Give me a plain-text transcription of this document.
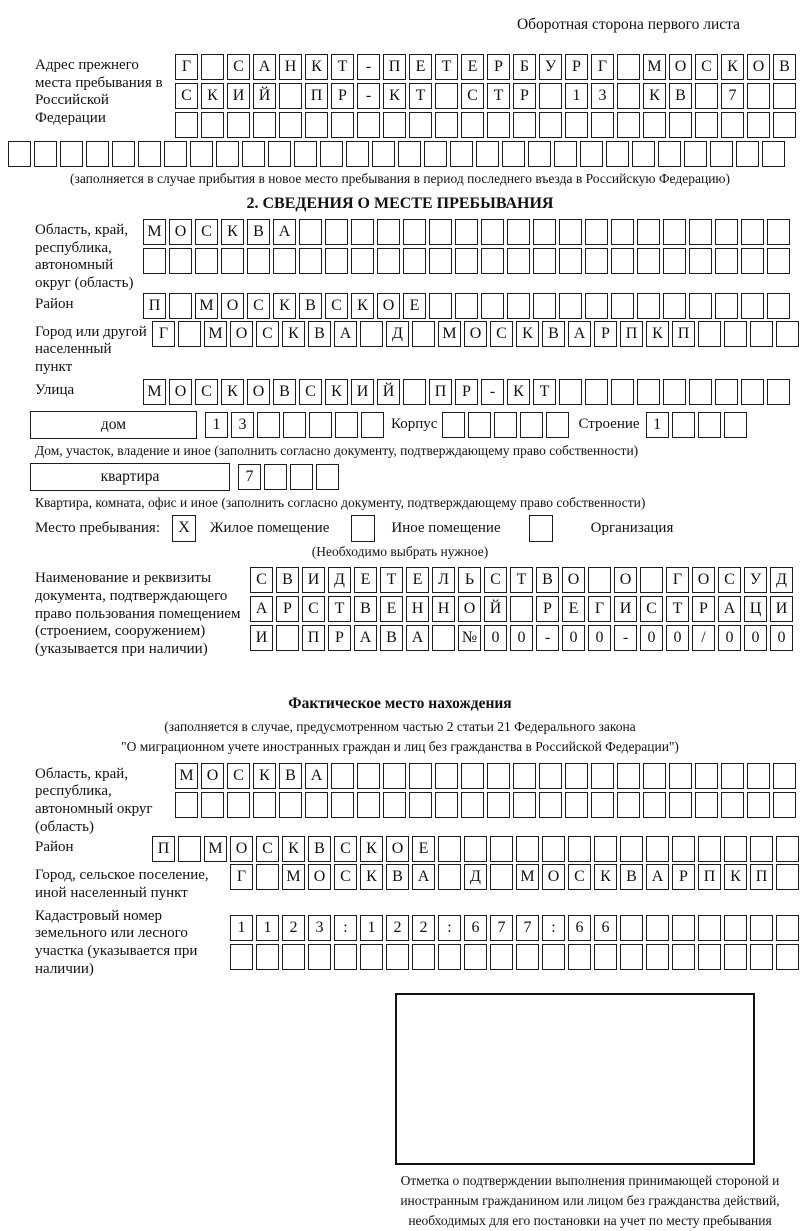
Оборотная сторона первого листа
Адрес прежнего места пребывания в Российской Федерации
Г	С А Н К Т	-	П Е	Т	Е	Р	Б У Р	Г	М О С К О В
С К И Й	П Р	-	К Т	С Т	Р	1	3	К В	7
(заполняется в случае прибытия в новое место пребывания в период последнего въезда в Российскую Федерацию)
2. СВЕДЕНИЯ О МЕСТЕ ПРЕБЫВАНИЯ
Область, край, республика, автономный округ (область)
М О С К В А
Район	П	М О С К В С К О Е
Город или другой населенный пункт
Г	М О С К В А	Д	М О С К В А Р П К П
Улица	М О С К О В С К И Й	П Р	-	К Т
дом	1	3	Корпус	Строение 1
Дом, участок, владение и иное (заполнить согласно документу, подтверждающему право собственности)
квартира	7
Квартира, комната, офис и иное (заполнить согласно документу, подтверждающему право собственности)
Место пребывания:	X	Жилое помещение	Иное помещение	Организация
(Необходимо выбрать нужное)
Наименование и реквизиты документа, подтверждающего право пользования помещением (строением, сооружением) (указывается при наличии)
С В И Д Е	Т	Е Л Ь	С Т В О	О	Г О С У Д
А Р	С Т В Е Н Н О Й	Р	Е	Г И С Т	Р А Ц И
И	П Р А В А	№ 0	0	-	0	0	-	0	0	/	0	0	0
Фактическое место нахождения
(заполняется в случае, предусмотренном частью 2 статьи 21 Федерального закона
"О миграционном учете иностранных граждан и лиц без гражданства в Российской Федерации")
Область, край, республика, автономный округ (область)
М О С К В А
Район	П	М О С К В С К О Е
Город, сельское поселение, иной населенный пункт
Г	М О С К В А	Д	М О С К В А Р П К П
Кадастровый номер земельного или лесного участка (указывается при наличии)
1	1	2	3	:	1	2	2	:	6	7	7	:	6	6
Отметка о подтверждении выполнения принимающей стороной и иностранным гражданином или лицом без гражданства действий, необходимых для его постановки на учет по месту пребывания
